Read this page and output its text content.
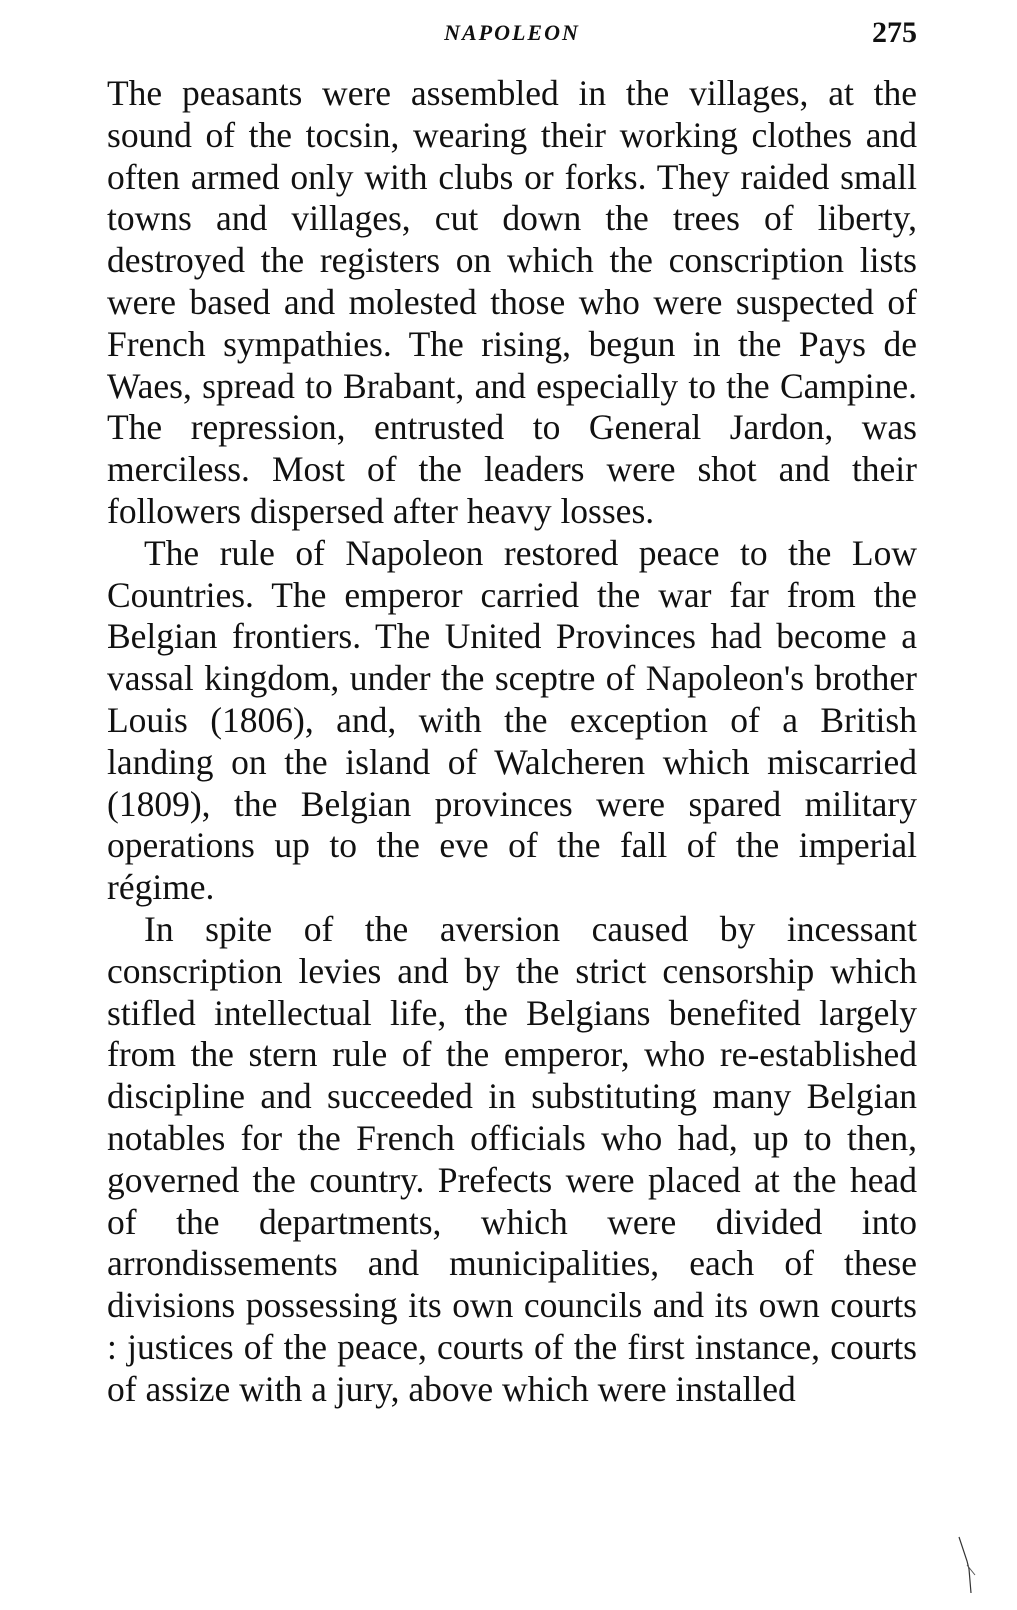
NAPOLEON	275

The peasants were assembled in the villages, at the sound of the tocsin, wearing their working clothes and often armed only with clubs or forks. They raided small towns and villages, cut down the trees of liberty, destroyed the registers on which the conscription lists were based and molested those who were suspected of French sympathies. The rising, begun in the Pays de Waes, spread to Brabant, and especially to the Campine. The repression, entrusted to General Jardon, was merciless. Most of the leaders were shot and their followers dispersed after heavy losses.

The rule of Napoleon restored peace to the Low Countries. The emperor carried the war far from the Belgian frontiers. The United Provinces had become a vassal kingdom, under the sceptre of Napoleon's brother Louis (1806), and, with the exception of a British landing on the island of Walcheren which miscarried (1809), the Belgian provinces were spared military operations up to the eve of the fall of the imperial régime.

In spite of the aversion caused by incessant conscription levies and by the strict censorship which stifled intellectual life, the Belgians benefited largely from the stern rule of the emperor, who re-established discipline and succeeded in substituting many Belgian notables for the French officials who had, up to then, governed the country. Prefects were placed at the head of the departments, which were divided into arrondissements and municipalities, each of these divisions possessing its own councils and its own courts : justices of the peace, courts of the first instance, courts of assize with a jury, above which were installed
